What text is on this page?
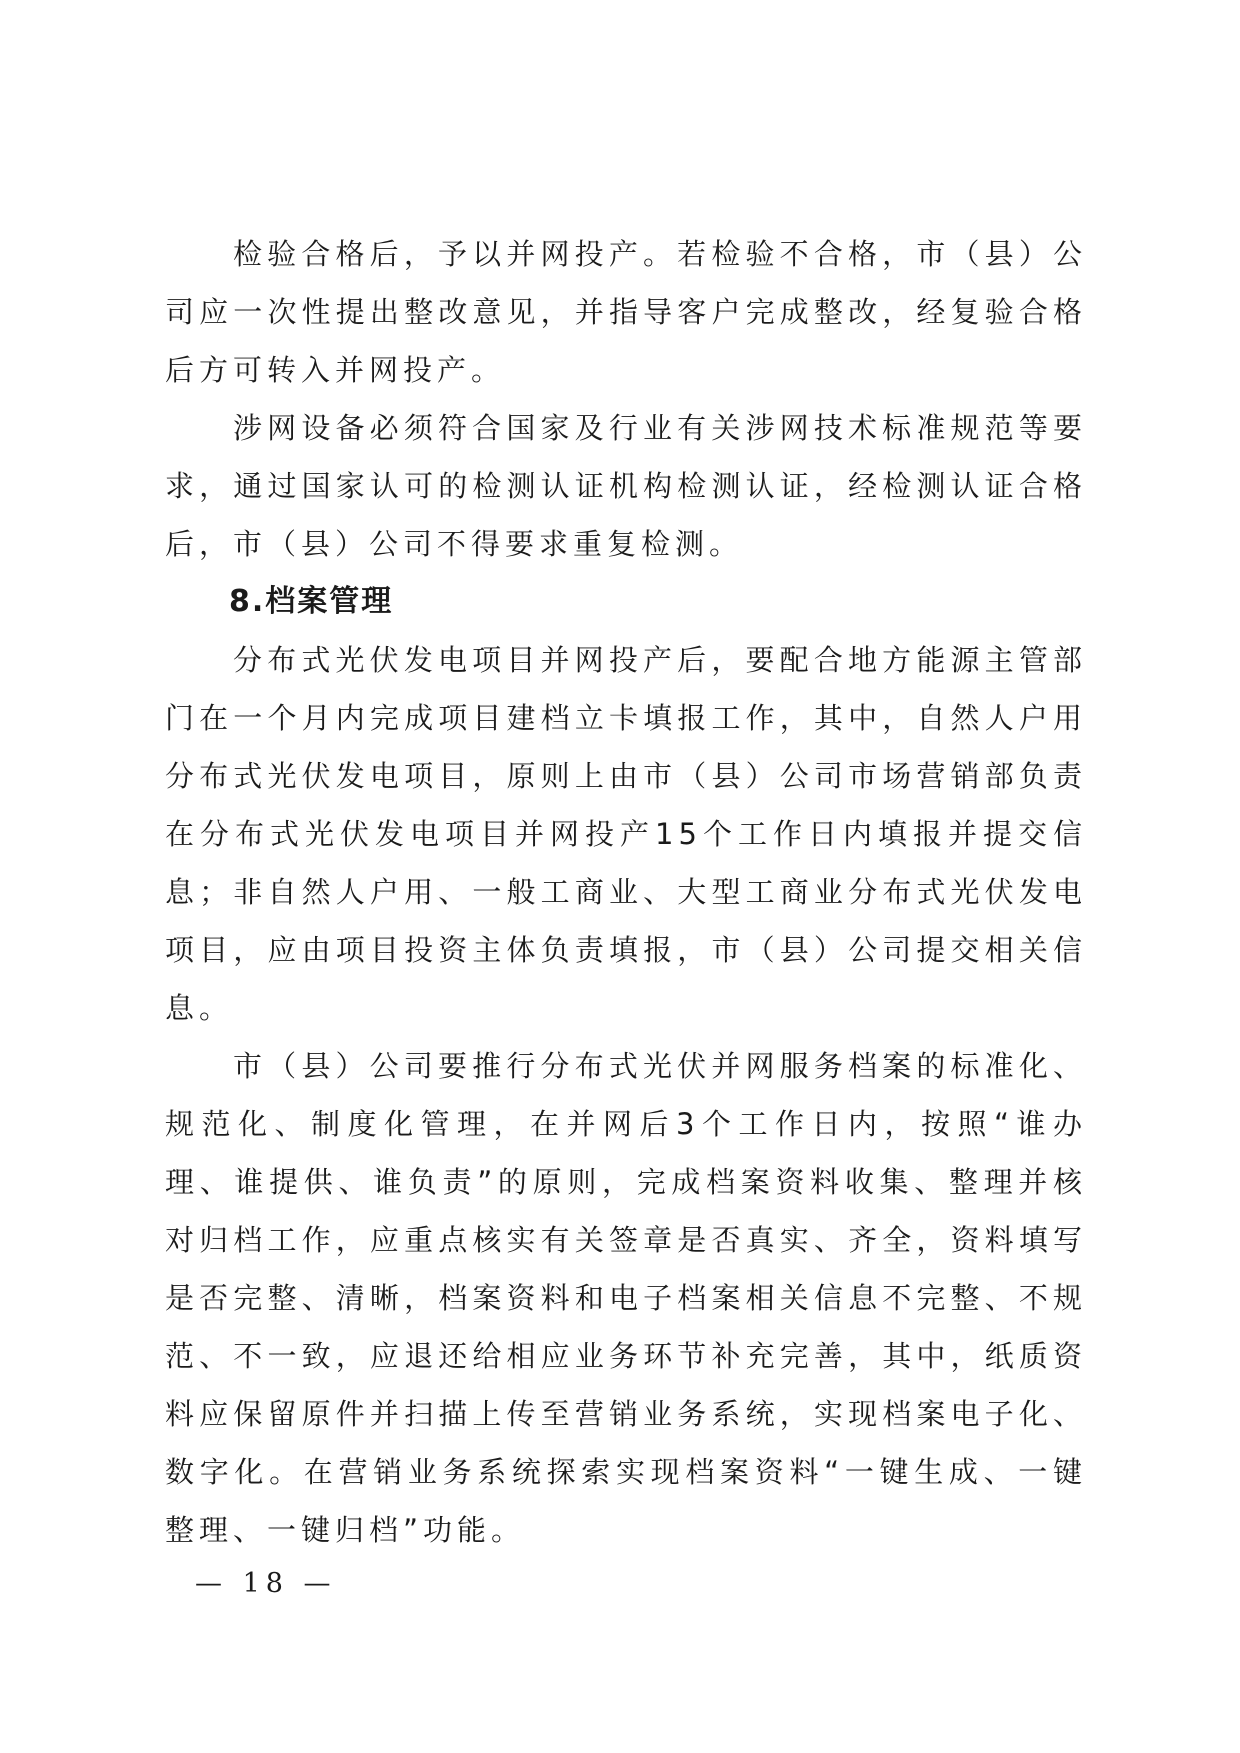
检验合格后，予以并网投产。若检验不合格，市（县）公司应一次性提出整改意见，并指导客户完成整改，经复验合格后方可转入并网投产。

涉网设备必须符合国家及行业有关涉网技术标准规范等要求，通过国家认可的检测认证机构检测认证，经检测认证合格后，市（县）公司不得要求重复检测。

8.档案管理

分布式光伏发电项目并网投产后，要配合地方能源主管部门在一个月内完成项目建档立卡填报工作，其中，自然人户用分布式光伏发电项目，原则上由市（县）公司市场营销部负责在分布式光伏发电项目并网投产15个工作日内填报并提交信息；非自然人户用、一般工商业、大型工商业分布式光伏发电项目，应由项目投资主体负责填报，市（县）公司提交相关信息。

市（县）公司要推行分布式光伏并网服务档案的标准化、规范化、制度化管理，在并网后3个工作日内，按照“谁办理、谁提供、谁负责”的原则，完成档案资料收集、整理并核对归档工作，应重点核实有关签章是否真实、齐全，资料填写是否完整、清晰，档案资料和电子档案相关信息不完整、不规范、不一致，应退还给相应业务环节补充完善，其中，纸质资料应保留原件并扫描上传至营销业务系统，实现档案电子化、数字化。在营销业务系统探索实现档案资料“一键生成、一键整理、一键归档”功能。

— 18 —
